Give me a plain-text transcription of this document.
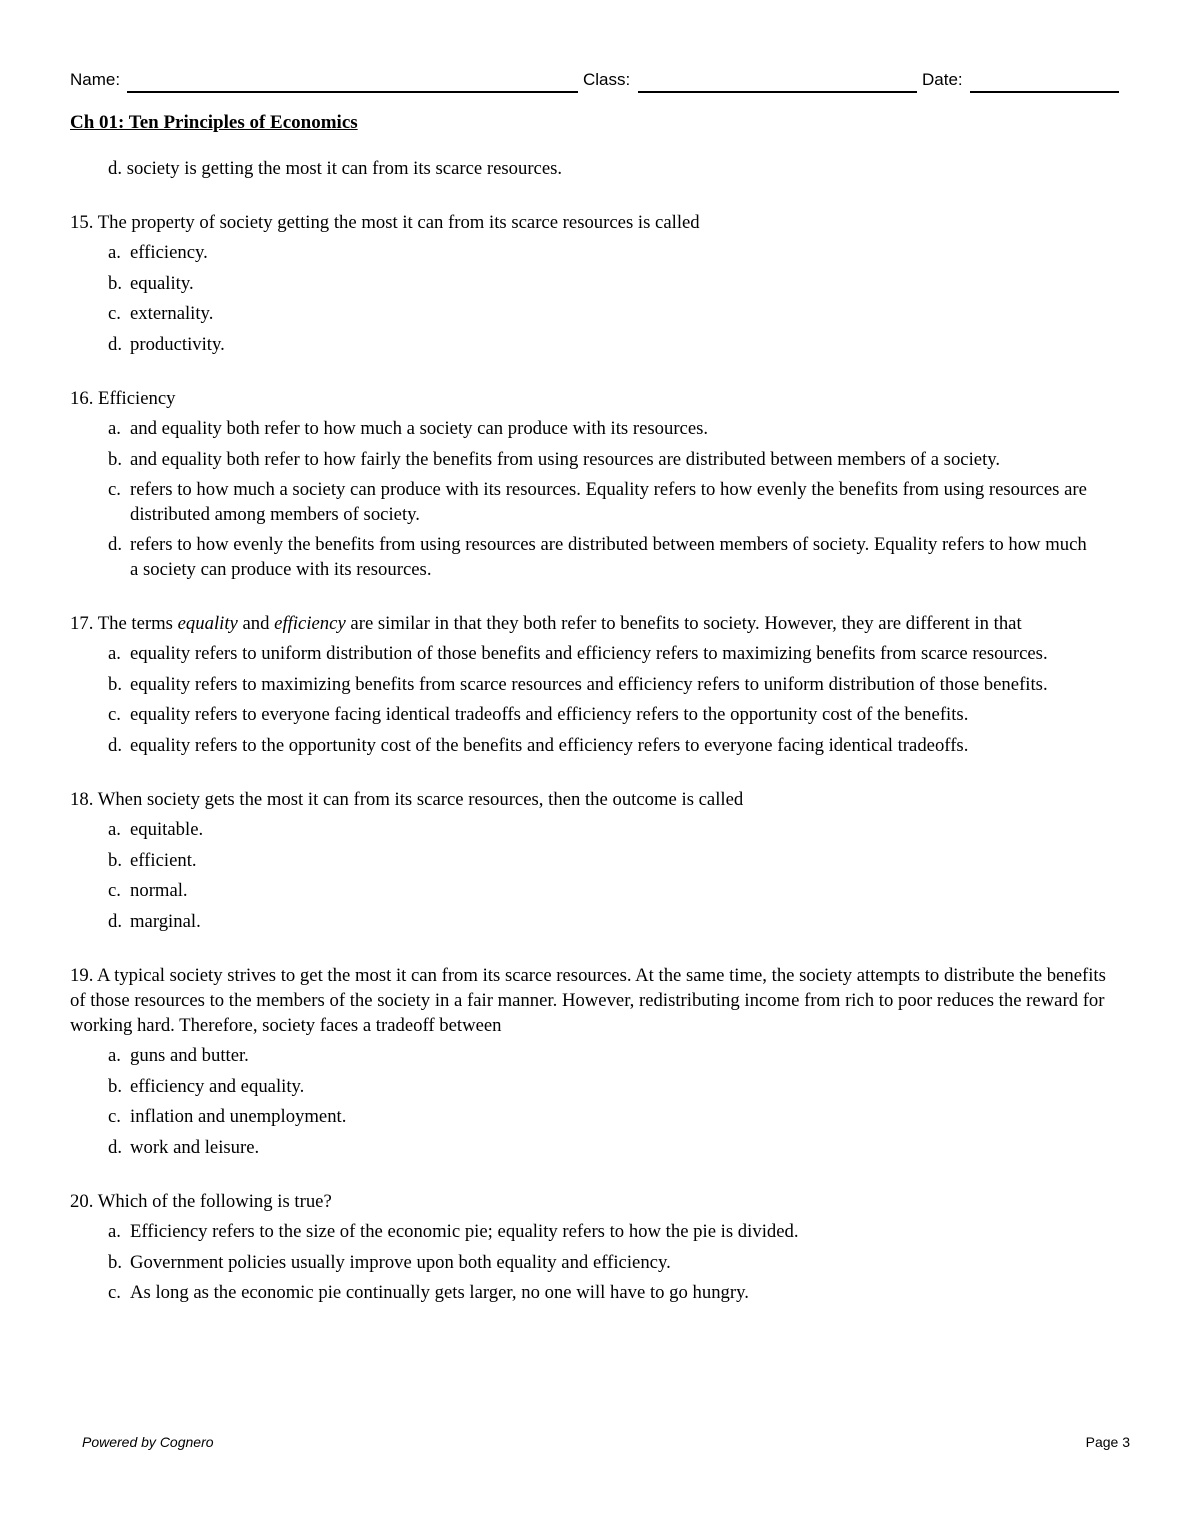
Name:	Class:	Date:
Ch 01: Ten Principles of Economics
d. society is getting the most it can from its scarce resources.
15. The property of society getting the most it can from its scarce resources is called
a. efficiency.
b. equality.
c. externality.
d. productivity.
16. Efficiency
a. and equality both refer to how much a society can produce with its resources.
b. and equality both refer to how fairly the benefits from using resources are distributed between members of a society.
c. refers to how much a society can produce with its resources. Equality refers to how evenly the benefits from using resources are distributed among members of society.
d. refers to how evenly the benefits from using resources are distributed between members of society. Equality refers to how much a society can produce with its resources.
17. The terms equality and efficiency are similar in that they both refer to benefits to society. However, they are different in that
a. equality refers to uniform distribution of those benefits and efficiency refers to maximizing benefits from scarce resources.
b. equality refers to maximizing benefits from scarce resources and efficiency refers to uniform distribution of those benefits.
c. equality refers to everyone facing identical tradeoffs and efficiency refers to the opportunity cost of the benefits.
d. equality refers to the opportunity cost of the benefits and efficiency refers to everyone facing identical tradeoffs.
18. When society gets the most it can from its scarce resources, then the outcome is called
a. equitable.
b. efficient.
c. normal.
d. marginal.
19. A typical society strives to get the most it can from its scarce resources. At the same time, the society attempts to distribute the benefits of those resources to the members of the society in a fair manner. However, redistributing income from rich to poor reduces the reward for working hard. Therefore, society faces a tradeoff between
a. guns and butter.
b. efficiency and equality.
c. inflation and unemployment.
d. work and leisure.
20. Which of the following is true?
a. Efficiency refers to the size of the economic pie; equality refers to how the pie is divided.
b. Government policies usually improve upon both equality and efficiency.
c. As long as the economic pie continually gets larger, no one will have to go hungry.
Powered by Cognero	Page 3
